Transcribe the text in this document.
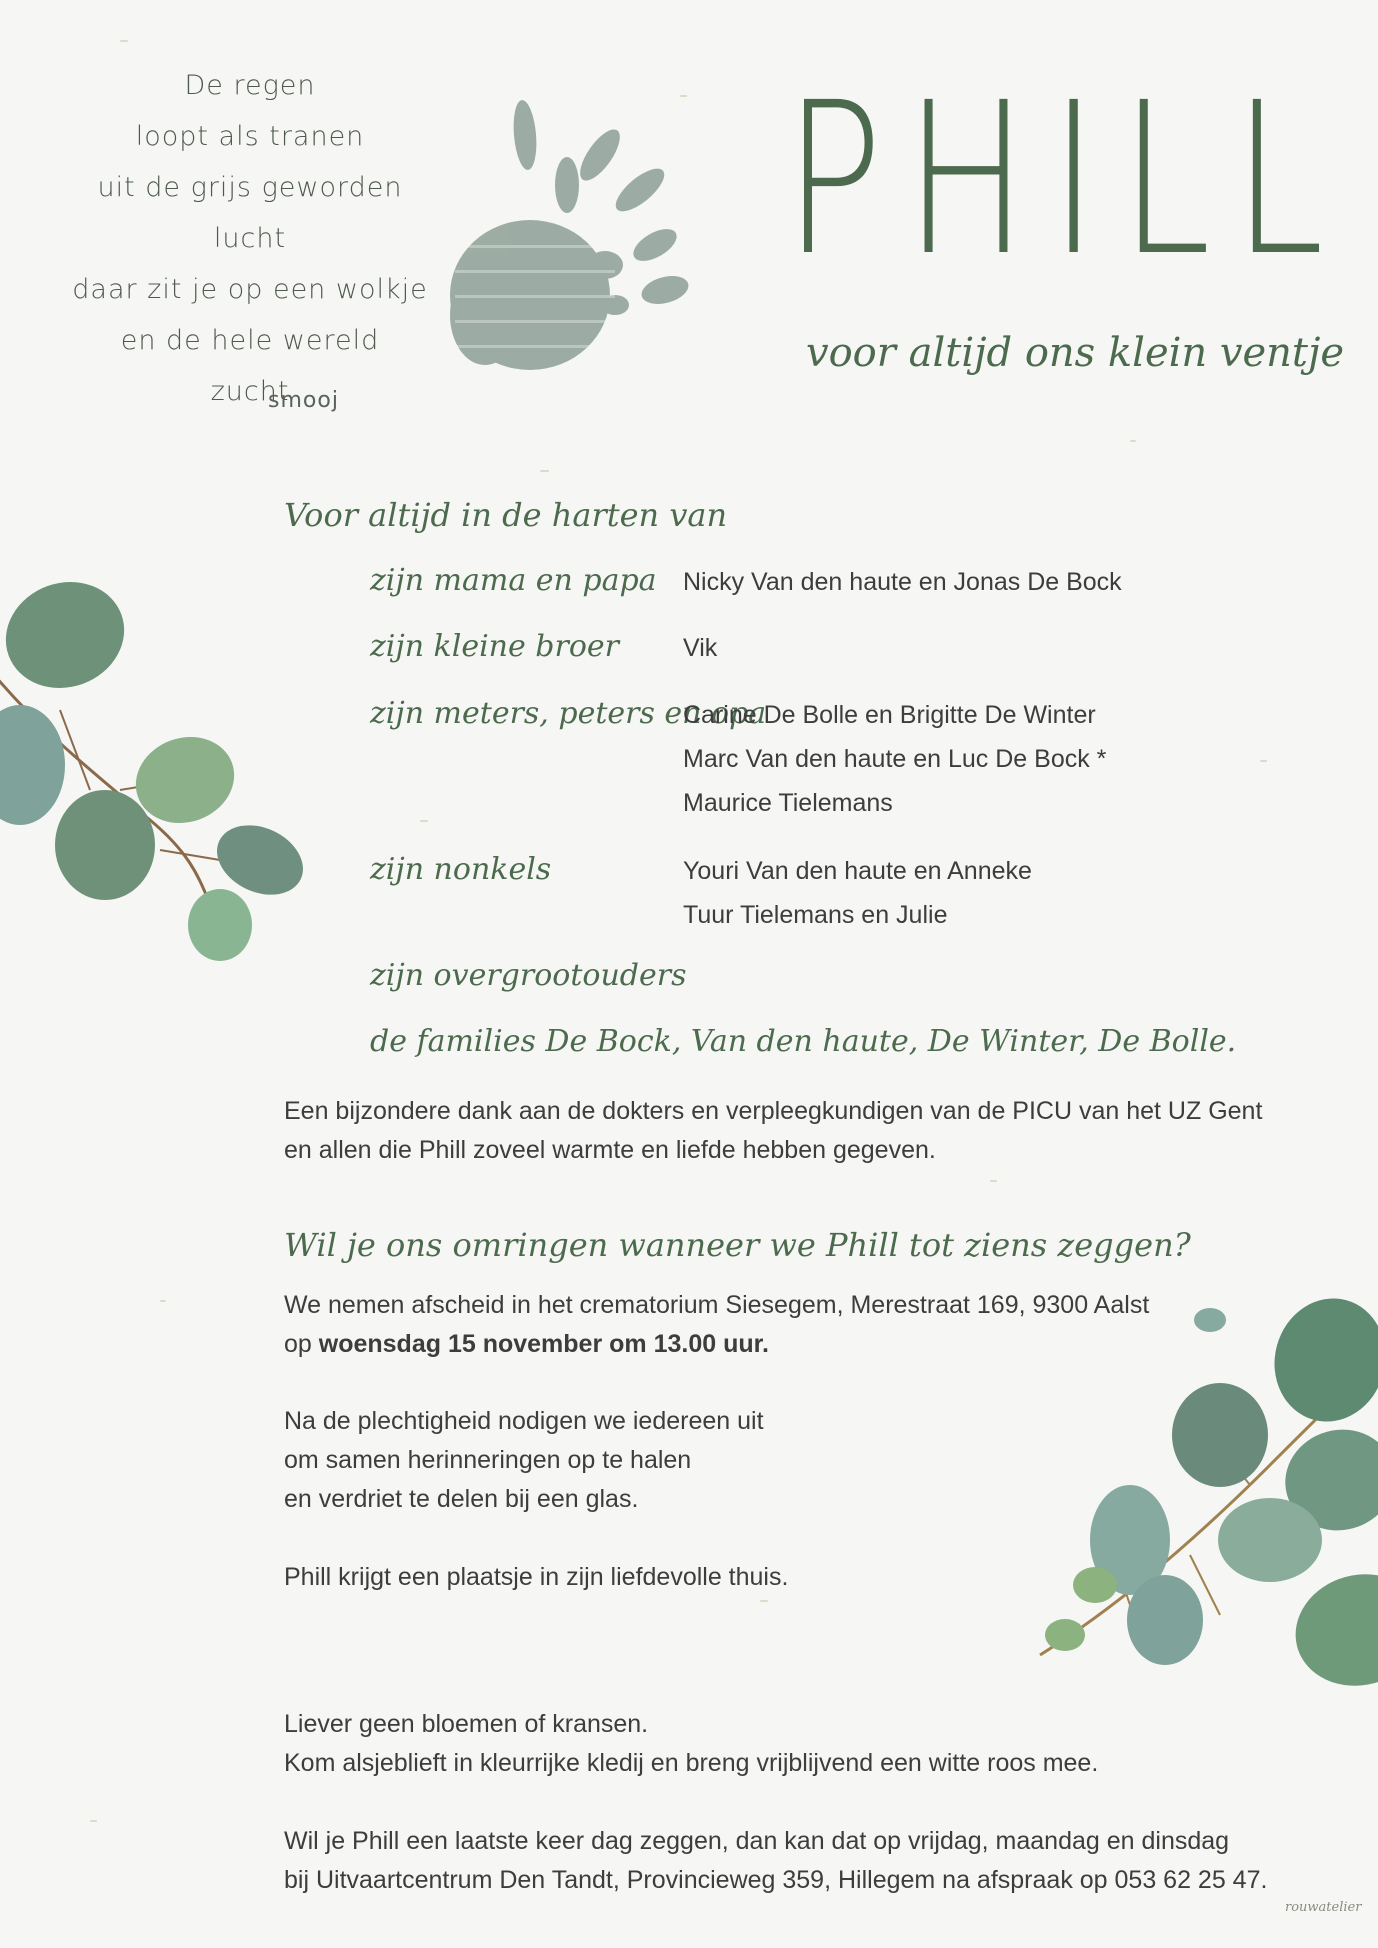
De regen
loopt als tranen
uit de grijs geworden lucht
daar zit je op een wolkje
en de hele wereld
zucht
smooj
PHILL
voor altijd ons klein ventje
Voor altijd in de harten van
zijn mama en papa Nicky Van den haute en Jonas De Bock
zijn kleine broer	Vik
zijn meters, peters en opa
Carine De Bolle en Brigitte De Winter
Marc Van den haute en Luc De Bock *
Maurice Tielemans
zijn nonkels	Youri Van den haute en Anneke
Tuur Tielemans en Julie
zijn overgrootouders
de families De Bock, Van den haute, De Winter, De Bolle.
Een bijzondere dank aan de dokters en verpleegkundigen van de PICU van het UZ Gent
en allen die Phill zoveel warmte en liefde hebben gegeven.
Wil je ons omringen wanneer we Phill tot ziens zeggen?
We nemen afscheid in het crematorium Siesegem, Merestraat 169, 9300 Aalst
op woensdag 15 november om 13.00 uur.
Na de plechtigheid nodigen we iedereen uit
om samen herinneringen op te halen
en verdriet te delen bij een glas.
Phill krijgt een plaatsje in zijn liefdevolle thuis.
Liever geen bloemen of kransen.
Kom alsjeblieft in kleurrijke kledij en breng vrijblijvend een witte roos mee.
Wil je Phill een laatste keer dag zeggen, dan kan dat op vrijdag, maandag en dinsdag
bij Uitvaartcentrum Den Tandt, Provincieweg 359, Hillegem na afspraak op 053 62 25 47.
rouwatelier
